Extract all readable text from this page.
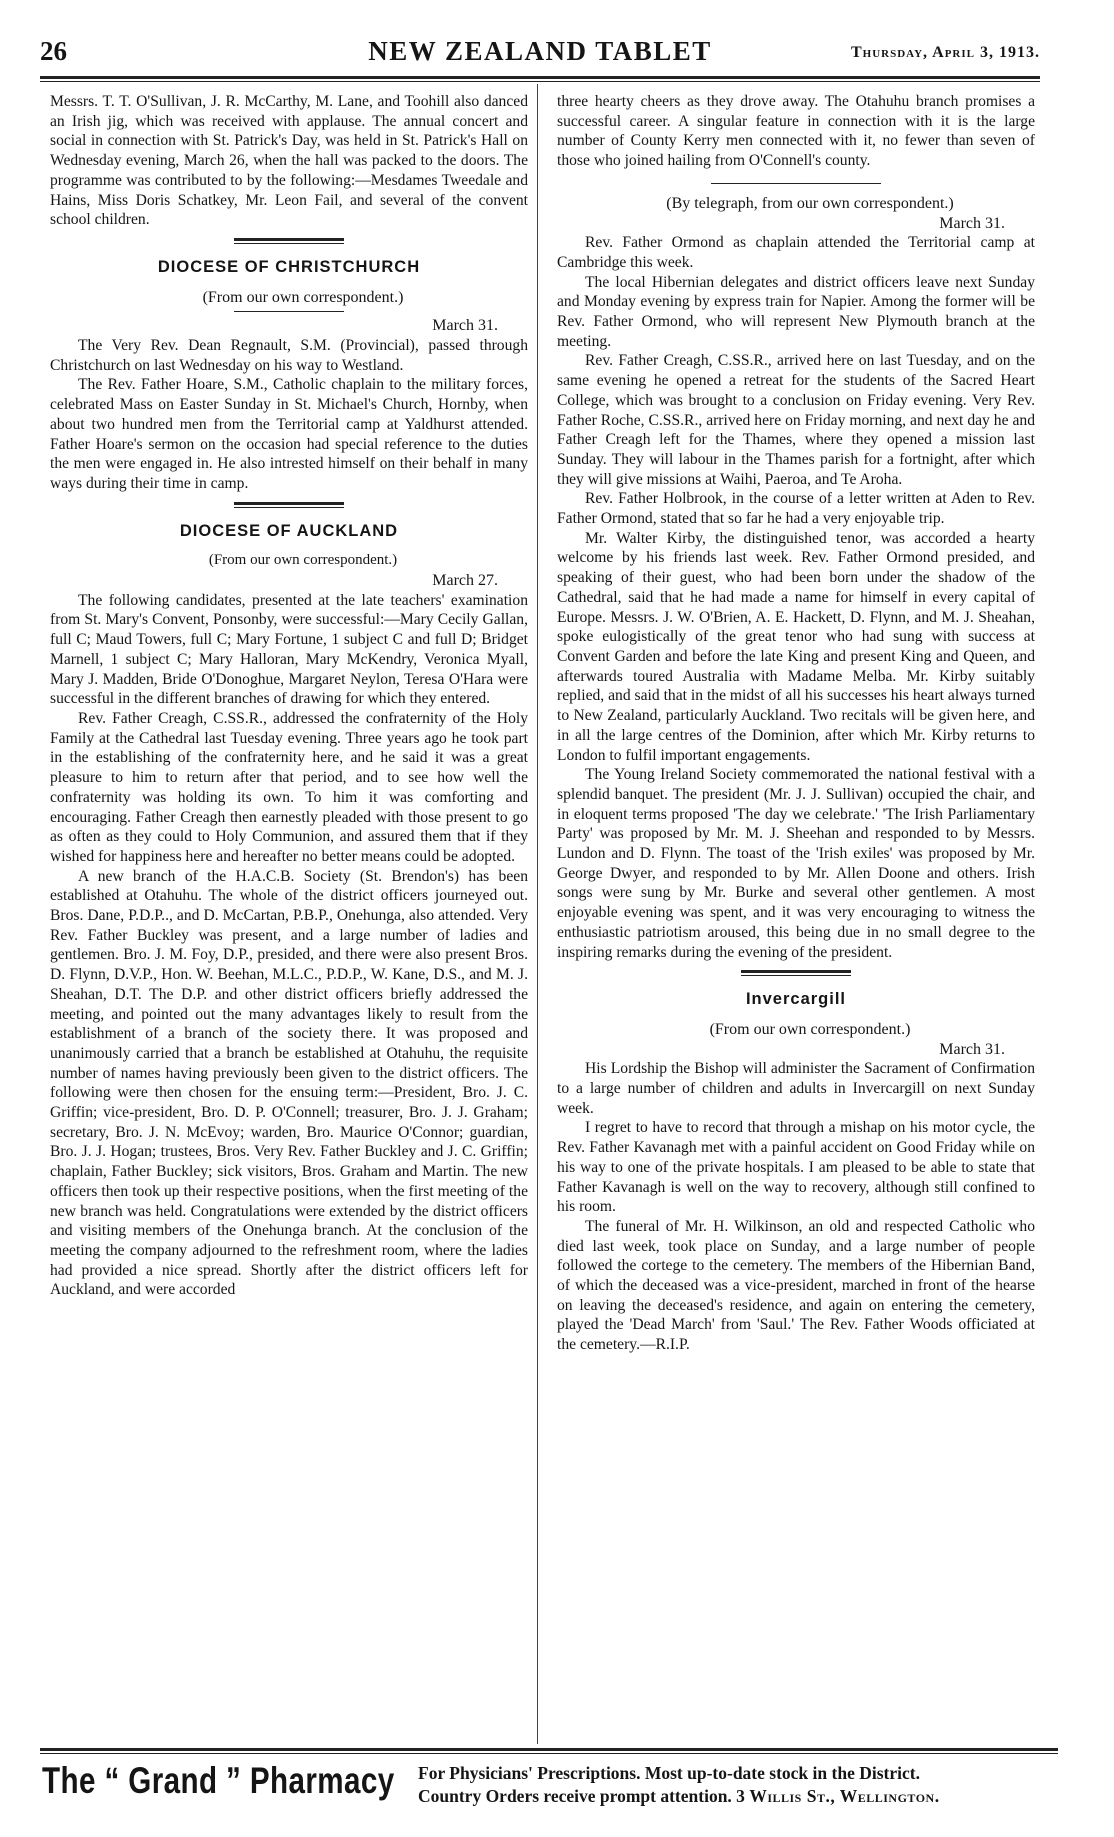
26	NEW ZEALAND TABLET	Thursday, April 3, 1913.

Messrs. T. T. O'Sullivan, J. R. McCarthy, M. Lane, and Toohill also danced an Irish jig, which was received with applause. The annual concert and social in connection with St. Patrick's Day, was held in St. Patrick's Hall on Wednesday evening, March 26, when the hall was packed to the doors. The programme was contributed to by the following:—Mesdames Tweedale and Hains, Miss Doris Schatkey, Mr. Leon Fail, and several of the convent school children.

DIOCESE OF CHRISTCHURCH

(From our own correspondent.)

March 31.

The Very Rev. Dean Regnault, S.M. (Provincial), passed through Christchurch on last Wednesday on his way to Westland.

The Rev. Father Hoare, S.M., Catholic chaplain to the military forces, celebrated Mass on Easter Sunday in St. Michael's Church, Hornby, when about two hundred men from the Territorial camp at Yaldhurst attended. Father Hoare's sermon on the occasion had special reference to the duties the men were engaged in. He also intrested himself on their behalf in many ways during their time in camp.

DIOCESE OF AUCKLAND

(From our own correspondent.)

March 27.

The following candidates, presented at the late teachers' examination from St. Mary's Convent, Ponsonby, were successful:—Mary Cecily Gallan, full C; Maud Towers, full C; Mary Fortune, 1 subject C and full D; Bridget Marnell, 1 subject C; Mary Halloran, Mary McKendry, Veronica Myall, Mary J. Madden, Bride O'Donoghue, Margaret Neylon, Teresa O'Hara were successful in the different branches of drawing for which they entered.

Rev. Father Creagh, C.SS.R., addressed the confraternity of the Holy Family at the Cathedral last Tuesday evening. Three years ago he took part in the establishing of the confraternity here, and he said it was a great pleasure to him to return after that period, and to see how well the confraternity was holding its own. To him it was comforting and encouraging. Father Creagh then earnestly pleaded with those present to go as often as they could to Holy Communion, and assured them that if they wished for happiness here and hereafter no better means could be adopted.

A new branch of the H.A.C.B. Society (St. Brendon's) has been established at Otahuhu. The whole of the district officers journeyed out. Bros. Dane, P.D.P.., and D. McCartan, P.B.P., Onehunga, also attended. Very Rev. Father Buckley was present, and a large number of ladies and gentlemen. Bro. J. M. Foy, D.P., presided, and there were also present Bros. D. Flynn, D.V.P., Hon. W. Beehan, M.L.C., P.D.P., W. Kane, D.S., and M. J. Sheahan, D.T. The D.P. and other district officers briefly addressed the meeting, and pointed out the many advantages likely to result from the establishment of a branch of the society there. It was proposed and unanimously carried that a branch be established at Otahuhu, the requisite number of names having previously been given to the district officers. The following were then chosen for the ensuing term:—President, Bro. J. C. Griffin; vice-president, Bro. D. P. O'Connell; treasurer, Bro. J. J. Graham; secretary, Bro. J. N. McEvoy; warden, Bro. Maurice O'Connor; guardian, Bro. J. J. Hogan; trustees, Bros. Very Rev. Father Buckley and J. C. Griffin; chaplain, Father Buckley; sick visitors, Bros. Graham and Martin. The new officers then took up their respective positions, when the first meeting of the new branch was held. Congratulations were extended by the district officers and visiting members of the Onehunga branch. At the conclusion of the meeting the company adjourned to the refreshment room, where the ladies had provided a nice spread. Shortly after the district officers left for Auckland, and were accorded

three hearty cheers as they drove away. The Otahuhu branch promises a successful career. A singular feature in connection with it is the large number of County Kerry men connected with it, no fewer than seven of those who joined hailing from O'Connell's county.

(By telegraph, from our own correspondent.)

March 31.

Rev. Father Ormond as chaplain attended the Territorial camp at Cambridge this week.

The local Hibernian delegates and district officers leave next Sunday and Monday evening by express train for Napier. Among the former will be Rev. Father Ormond, who will represent New Plymouth branch at the meeting.

Rev. Father Creagh, C.SS.R., arrived here on last Tuesday, and on the same evening he opened a retreat for the students of the Sacred Heart College, which was brought to a conclusion on Friday evening. Very Rev. Father Roche, C.SS.R., arrived here on Friday morning, and next day he and Father Creagh left for the Thames, where they opened a mission last Sunday. They will labour in the Thames parish for a fortnight, after which they will give missions at Waihi, Paeroa, and Te Aroha.

Rev. Father Holbrook, in the course of a letter written at Aden to Rev. Father Ormond, stated that so far he had a very enjoyable trip.

Mr. Walter Kirby, the distinguished tenor, was accorded a hearty welcome by his friends last week. Rev. Father Ormond presided, and speaking of their guest, who had been born under the shadow of the Cathedral, said that he had made a name for himself in every capital of Europe. Messrs. J. W. O'Brien, A. E. Hackett, D. Flynn, and M. J. Sheahan, spoke eulogistically of the great tenor who had sung with success at Convent Garden and before the late King and present King and Queen, and afterwards toured Australia with Madame Melba. Mr. Kirby suitably replied, and said that in the midst of all his successes his heart always turned to New Zealand, particularly Auckland. Two recitals will be given here, and in all the large centres of the Dominion, after which Mr. Kirby returns to London to fulfil important engagements.

The Young Ireland Society commemorated the national festival with a splendid banquet. The president (Mr. J. J. Sullivan) occupied the chair, and in eloquent terms proposed 'The day we celebrate.' 'The Irish Parliamentary Party' was proposed by Mr. M. J. Sheehan and responded to by Messrs. Lundon and D. Flynn. The toast of the 'Irish exiles' was proposed by Mr. George Dwyer, and responded to by Mr. Allen Doone and others. Irish songs were sung by Mr. Burke and several other gentlemen. A most enjoyable evening was spent, and it was very encouraging to witness the enthusiastic patriotism aroused, this being due in no small degree to the inspiring remarks during the evening of the president.

Invercargill

(From our own correspondent.)

March 31.

His Lordship the Bishop will administer the Sacrament of Confirmation to a large number of children and adults in Invercargill on next Sunday week.

I regret to have to record that through a mishap on his motor cycle, the Rev. Father Kavanagh met with a painful accident on Good Friday while on his way to one of the private hospitals. I am pleased to be able to state that Father Kavanagh is well on the way to recovery, although still confined to his room.

The funeral of Mr. H. Wilkinson, an old and respected Catholic who died last week, took place on Sunday, and a large number of people followed the cortege to the cemetery. The members of the Hibernian Band, of which the deceased was a vice-president, marched in front of the hearse on leaving the deceased's residence, and again on entering the cemetery, played the 'Dead March' from 'Saul.' The Rev. Father Woods officiated at the cemetery.—R.I.P.

The “ Grand ” Pharmacy For Physicians' Prescriptions. Most up-to-date stock in the District.
Country Orders receive prompt attention. 3 Willis St., Wellington.
